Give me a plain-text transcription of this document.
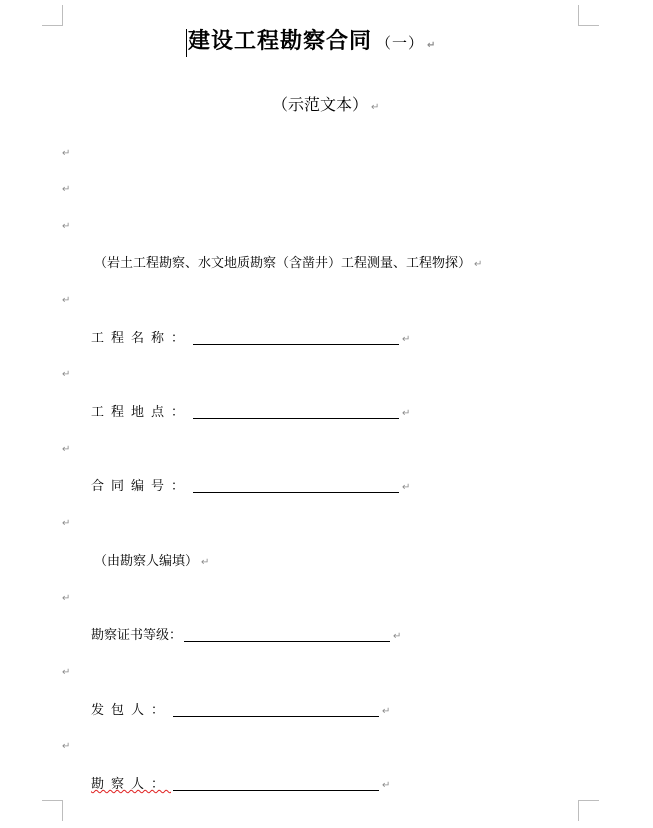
建设工程勘察合同 （一） ↵
（示范文本） ↵
↵
↵
↵
（岩土工程勘察、水文地质勘察（含凿井）工程测量、工程物探） ↵
↵
工程名称：	↵
↵
工程地点：	↵
↵
合同编号：	↵
↵
（由勘察人编填） ↵
↵
勘察证书等级：	↵
↵
发包人：	↵
↵
勘察人：	↵
